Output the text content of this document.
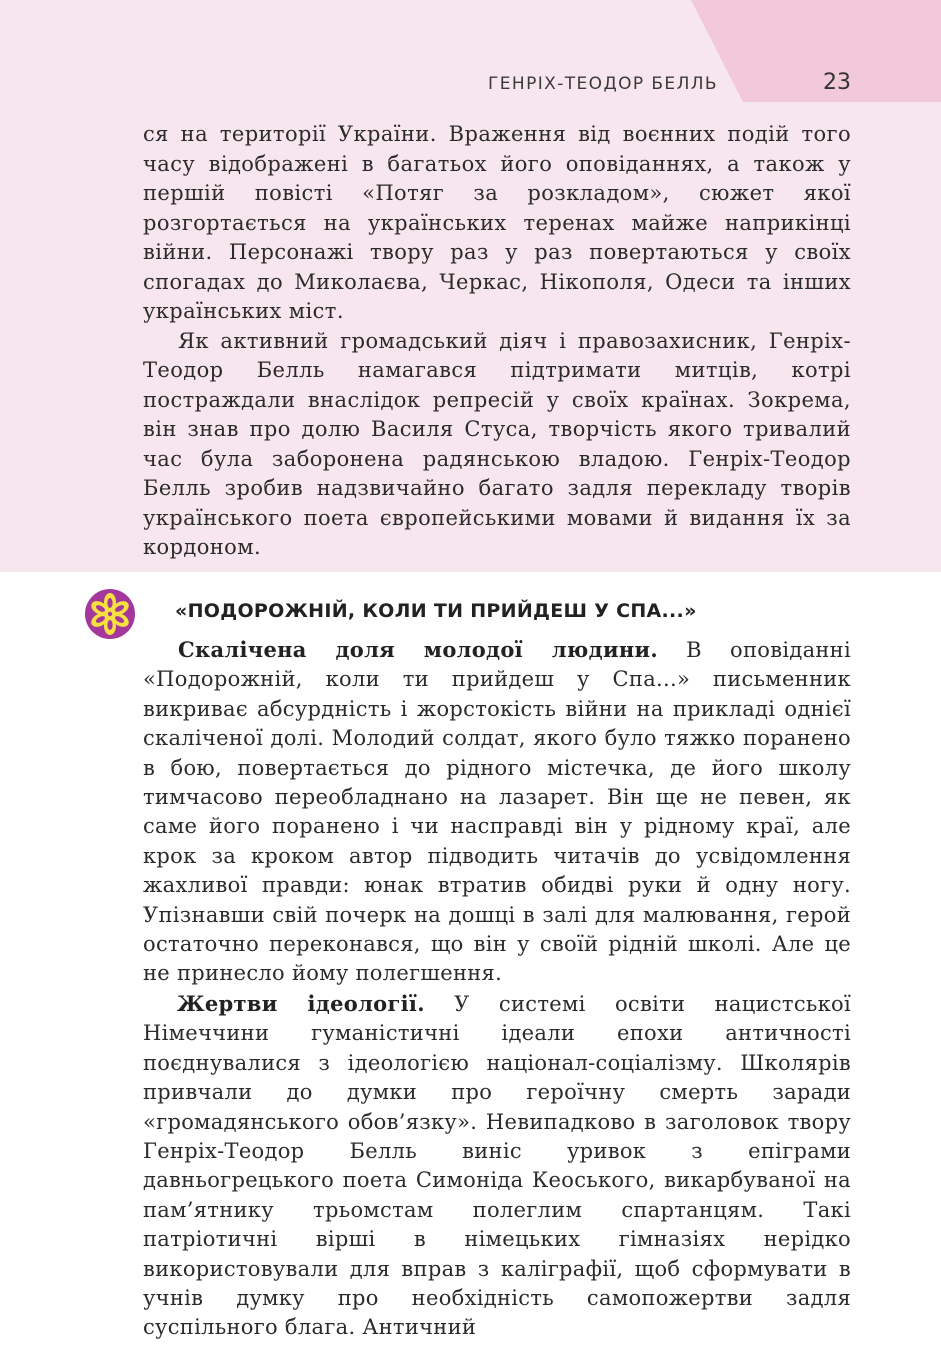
ГЕНРІХ-ТЕОДОР БЕЛЛЬ	23

ся на території України. Враження від воєнних подій того часу відображені в багатьох його оповіданнях, а також у першій повісті «Потяг за розкладом», сюжет якої розгортається на українських теренах майже наприкінці війни. Персонажі твору раз у раз повертаються у своїх спогадах до Миколаєва, Черкас, Нікополя, Одеси та інших українських міст.

Як активний громадський діяч і правозахисник, Генріх-Теодор Белль намагався підтримати митців, котрі постраждали внаслідок репресій у своїх країнах. Зокрема, він знав про долю Василя Стуса, творчість якого тривалий час була заборонена радянською владою. Генріх-Теодор Белль зробив надзвичайно багато задля перекладу творів українського поета європейськими мовами й видання їх за кордоном.

«ПОДОРОЖНІЙ, КОЛИ ТИ ПРИЙДЕШ У СПА...»

Скалічена доля молодої людини. В оповіданні «Подорожній, коли ти прийдеш у Спа...» письменник викриває абсурдність і жорстокість війни на прикладі однієї скаліченої долі. Молодий солдат, якого було тяжко поранено в бою, повертається до рідного містечка, де його школу тимчасово переобладнано на лазарет. Він ще не певен, як саме його поранено і чи насправді він у рідному краї, але крок за кроком автор підводить читачів до усвідомлення жахливої правди: юнак втратив обидві руки й одну ногу. Упізнавши свій почерк на дошці в залі для малювання, герой остаточно переконався, що він у своїй рідній школі. Але це не принесло йому полегшення.

Жертви ідеології. У системі освіти нацистської Німеччини гуманістичні ідеали епохи античності поєднувалися з ідеологією націонал-соціалізму. Школярів привчали до думки про героїчну смерть заради «громадянського обов’язку». Невипадково в заголовок твору Генріх-Теодор Белль виніс уривок з епіграми давньогрецького поета Симоніда Кеоського, викарбуваної на пам’ятнику трьомстам полеглим спартанцям. Такі патріотичні вірші в німецьких гімназіях нерідко використовували для вправ з каліграфії, щоб сформувати в учнів думку про необхідність самопожертви задля суспільного блага. Античний
